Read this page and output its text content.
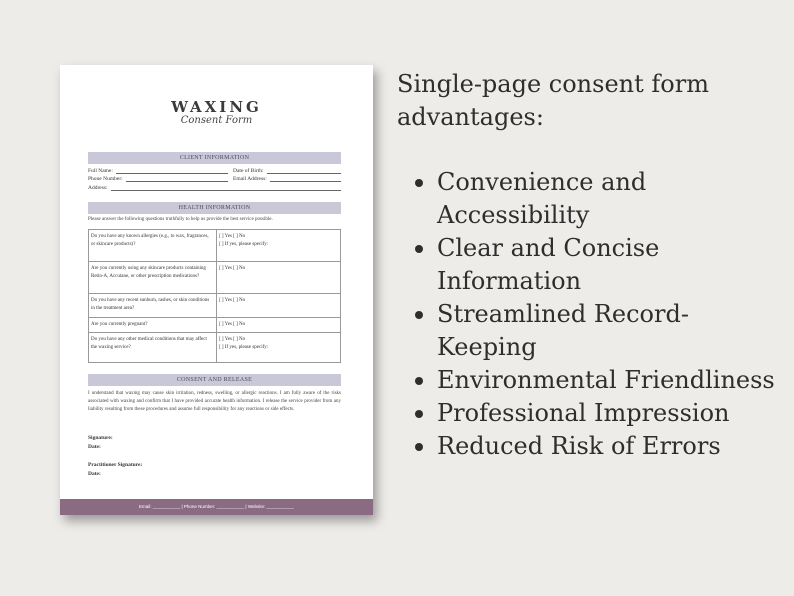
WAXING
Consent Form
CLIENT INFORMATION
Full Name:	Date of Birth:
Phone Number:	Email Address:
Address:
HEALTH INFORMATION
Please answer the following questions truthfully to help us provide the best service possible.
Do you have any known allergies (e.g., to wax, fragrances, or skincare products)?	[ ] Yes [ ] No
[ ] If yes, please specify:

Are you currently using any skincare products containing Retin-A, Accutane, or other prescription medications?	[ ] Yes [ ] No

Do you have any recent sunburn, rashes, or skin conditions in the treatment area?	[ ] Yes [ ] No

Are you currently pregnant?	[ ] Yes [ ] No

Do you have any other medical conditions that may affect the waxing service?	[ ] Yes [ ] No
[ ] If yes, please specify:
CONSENT AND RELEASE
I understand that waxing may cause skin irritation, redness, swelling, or allergic reactions. I am fully aware of the risks associated with waxing and confirm that I have provided accurate health information. I release the service provider from any liability resulting from these procedures and assume full responsibility for any reactions or side effects.
Signature:
Date:
Practitioner Signature:
Date:
Email: ___________ | Phone Number: ___________ | Website: ___________
Single-page consent form advantages:
Convenience and Accessibility
Clear and Concise Information
Streamlined Record-Keeping
Environmental Friendliness
Professional Impression
Reduced Risk of Errors
